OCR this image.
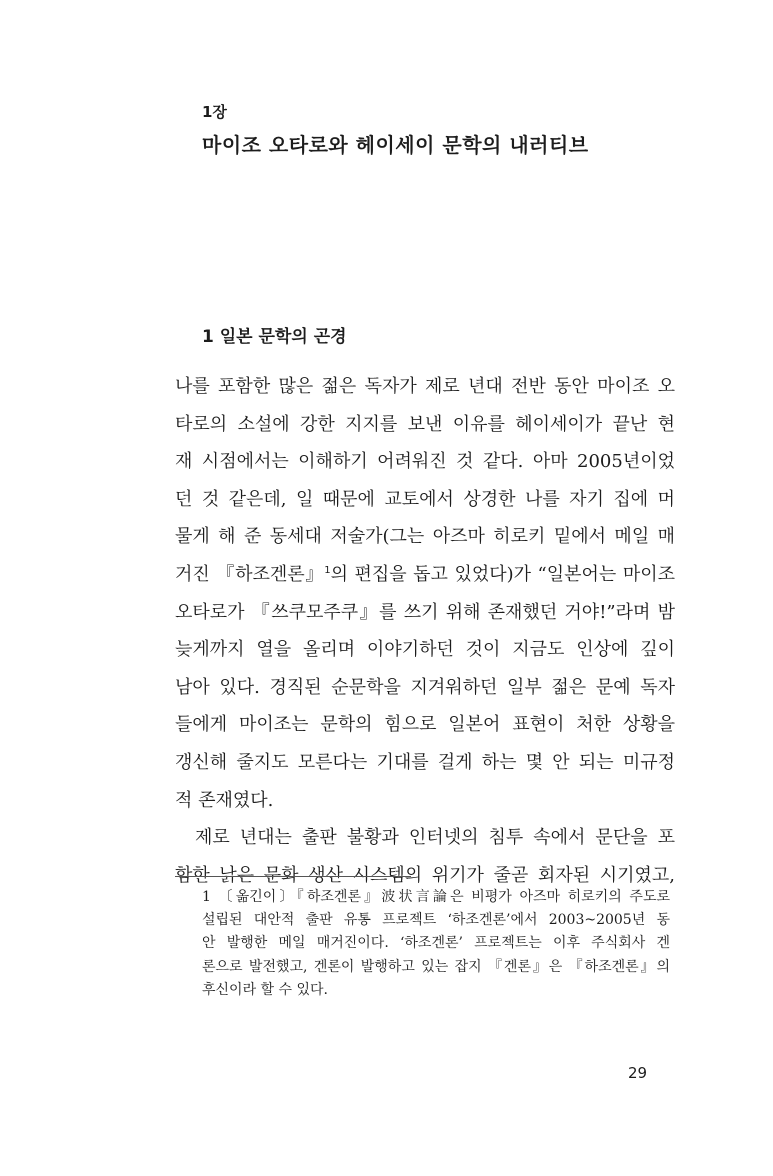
1장
마이조 오타로와 헤이세이 문학의 내러티브
1 일본 문학의 곤경
나를 포함한 많은 젊은 독자가 제로 년대 전반 동안 마이조 오
타로의 소설에 강한 지지를 보낸 이유를 헤이세이가 끝난 현
재 시점에서는 이해하기 어려워진 것 같다. 아마 2005년이었
던 것 같은데, 일 때문에 교토에서 상경한 나를 자기 집에 머
물게 해 준 동세대 저술가(그는 아즈마 히로키 밑에서 메일 매
거진 『하조겐론』$^1$의 편집을 돕고 있었다)가 “일본어는 마이조
오타로가 『쓰쿠모주쿠』를 쓰기 위해 존재했던 거야!”라며 밤
늦게까지 열을 올리며 이야기하던 것이 지금도 인상에 깊이
남아 있다. 경직된 순문학을 지겨워하던 일부 젊은 문예 독자
들에게 마이조는 문학의 힘으로 일본어 표현이 처한 상황을
갱신해 줄지도 모른다는 기대를 걸게 하는 몇 안 되는 미규정
적 존재였다.
제로 년대는 출판 불황과 인터넷의 침투 속에서 문단을 포
함한 낡은 문화 생산 시스템의 위기가 줄곧 회자된 시기였고,
1 〔옮긴이〕『하조겐론』波状言論은 비평가 아즈마 히로키의 주도로
설립된 대안적 출판 유통 프로젝트 ‘하조겐론’에서 2003~2005년 동
안 발행한 메일 매거진이다. ‘하조겐론’ 프로젝트는 이후 주식회사 겐
론으로 발전했고, 겐론이 발행하고 있는 잡지 『겐론』은 『하조겐론』의
후신이라 할 수 있다.
29
